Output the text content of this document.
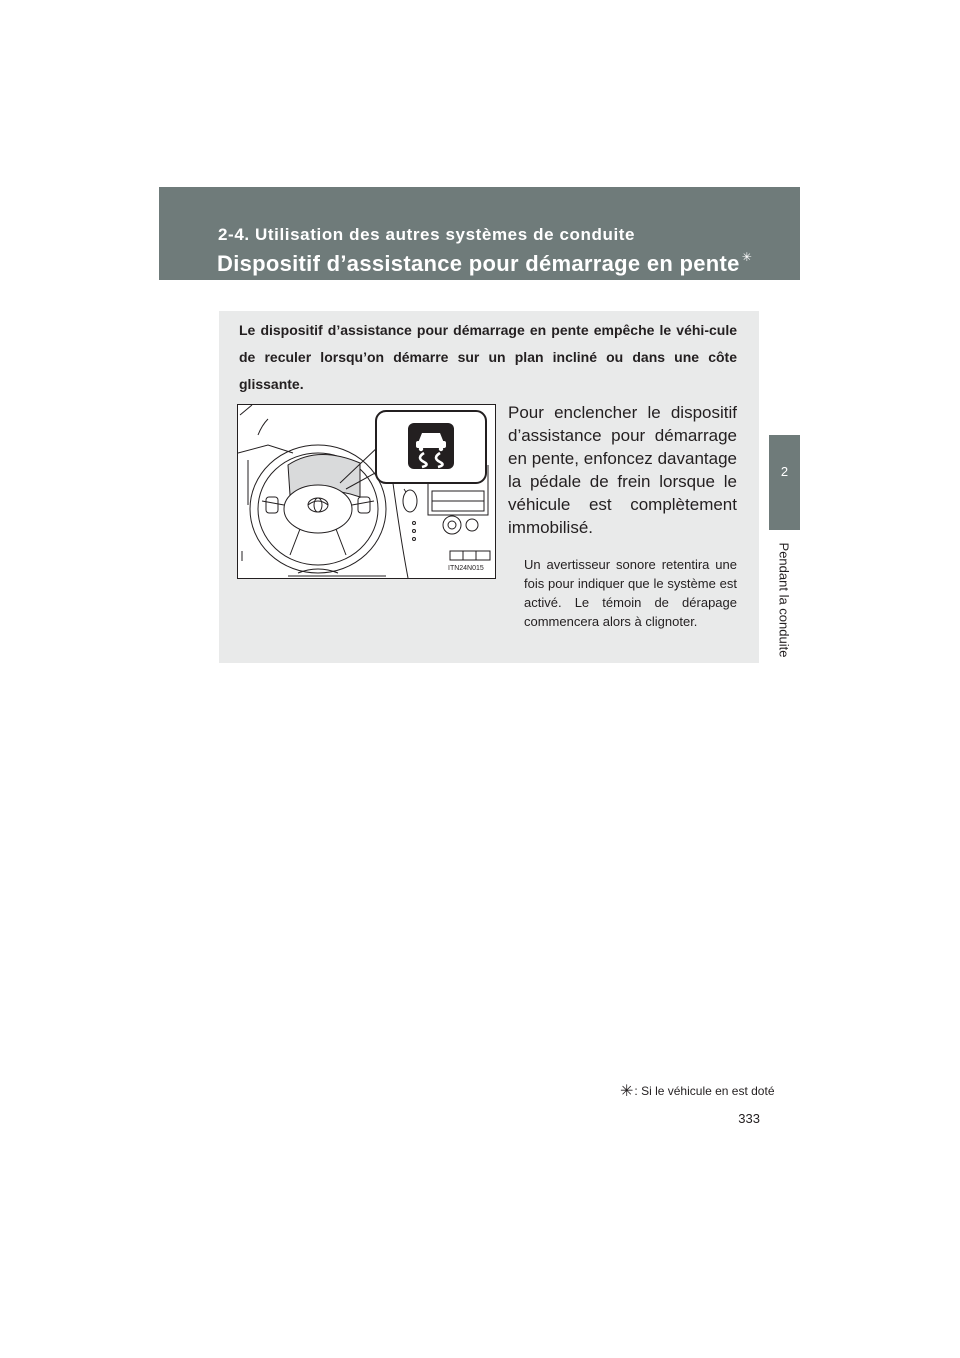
2-4. Utilisation des autres systèmes de conduite
Dispositif d’assistance pour démarrage en pente ✳
2
Pendant la conduite

Le dispositif d’assistance pour démarrage en pente empêche le véhi-cule de reculer lorsqu’on démarre sur un plan incliné ou dans une côte glissante.

ITN24N015

Pour enclencher le dispositif d’assistance pour démarrage en pente, enfoncez davantage la pédale de frein lorsque le véhicule est complètement immobilisé.

Un avertisseur sonore retentira une fois pour indiquer que le système est activé. Le témoin de dérapage commencera alors à clignoter.

✳: Si le véhicule en est doté
333
